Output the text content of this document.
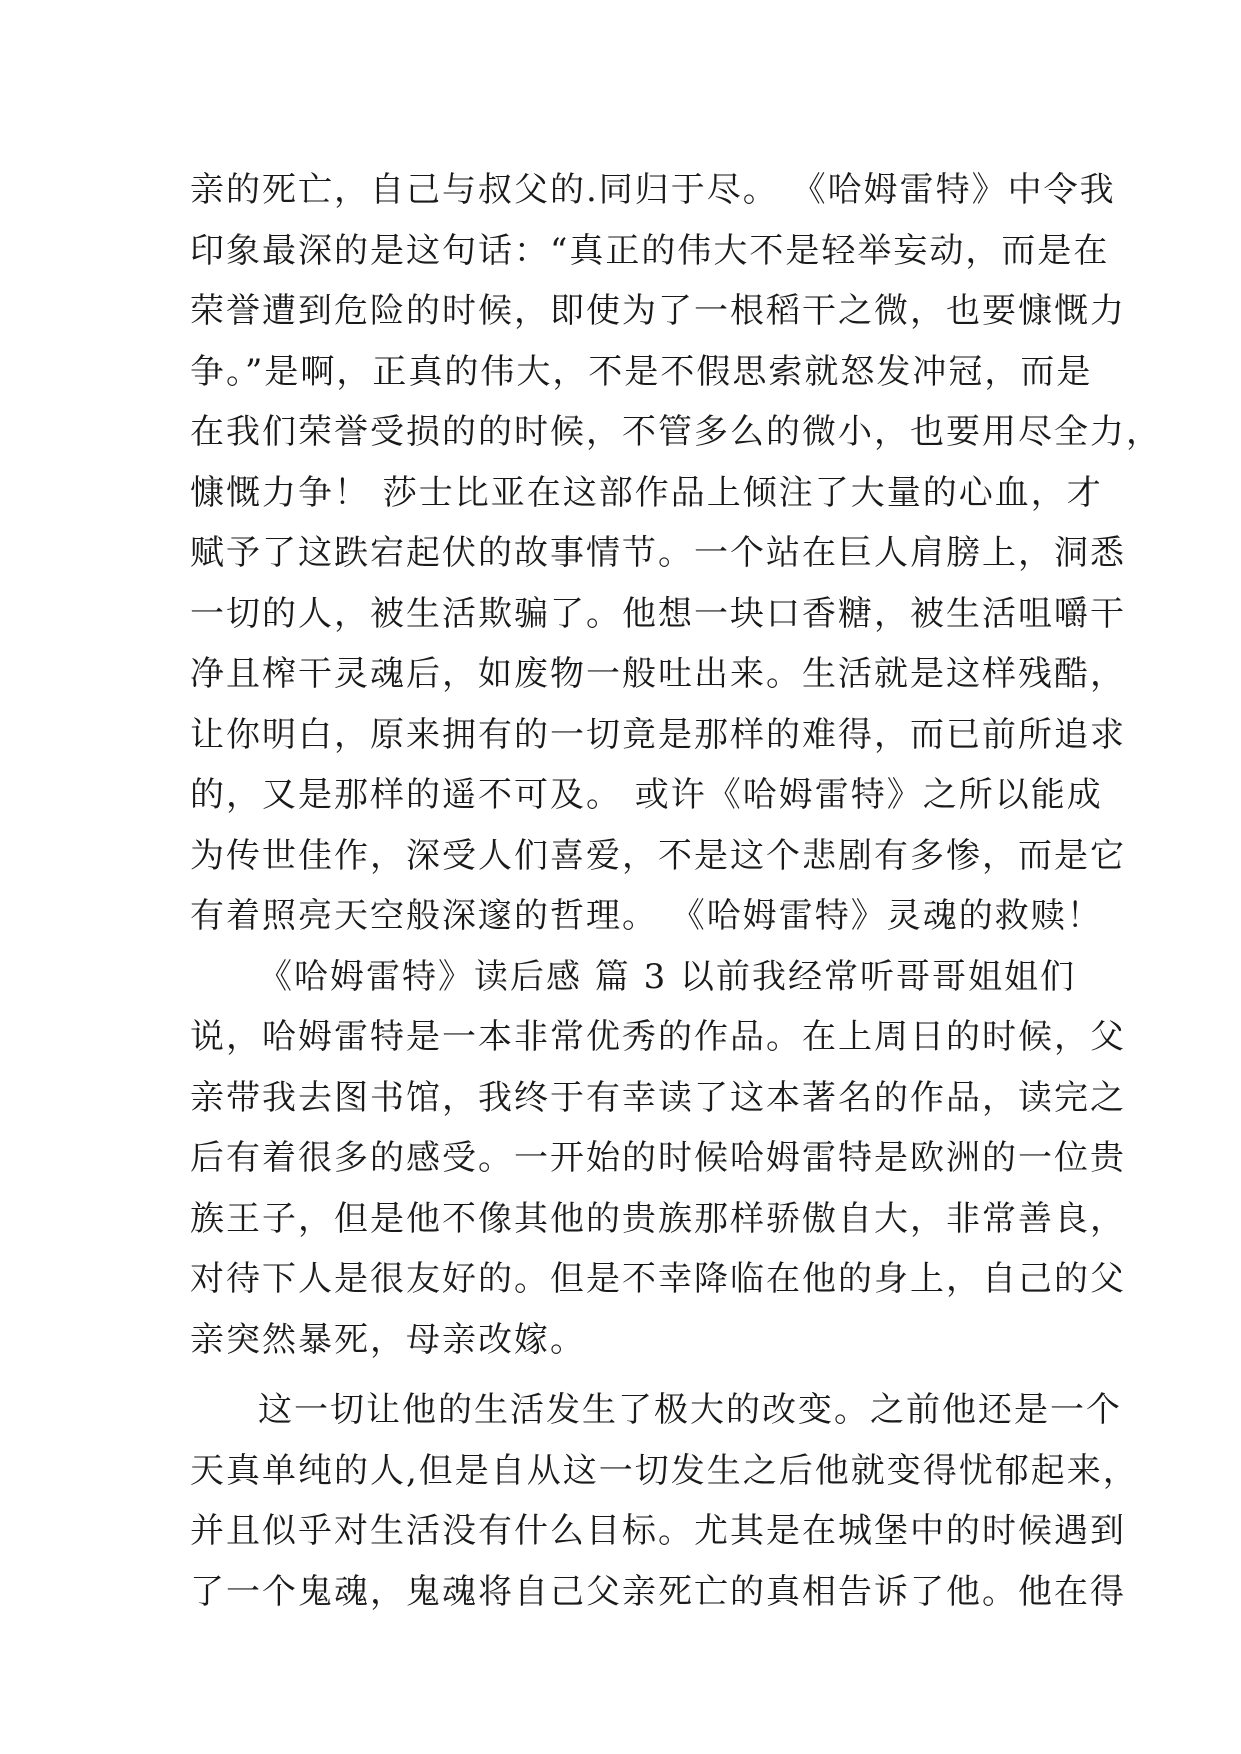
亲的死亡，自己与叔父的.同归于尽。 《哈姆雷特》中令我
印象最深的是这句话：“真正的伟大不是轻举妄动，而是在
荣誉遭到危险的时候，即使为了一根稻干之微，也要慷慨力
争。”是啊，正真的伟大，不是不假思索就怒发冲冠，而是
在我们荣誉受损的的时候，不管多么的微小，也要用尽全力，
慷慨力争！ 莎士比亚在这部作品上倾注了大量的心血，才
赋予了这跌宕起伏的故事情节。一个站在巨人肩膀上，洞悉
一切的人，被生活欺骗了。他想一块口香糖，被生活咀嚼干
净且榨干灵魂后，如废物一般吐出来。生活就是这样残酷，
让你明白，原来拥有的一切竟是那样的难得，而已前所追求
的，又是那样的遥不可及。 或许《哈姆雷特》之所以能成
为传世佳作，深受人们喜爱，不是这个悲剧有多惨，而是它
有着照亮天空般深邃的哲理。 《哈姆雷特》灵魂的救赎！
《哈姆雷特》读后感 篇 3 以前我经常听哥哥姐姐们
说，哈姆雷特是一本非常优秀的作品。在上周日的时候，父
亲带我去图书馆，我终于有幸读了这本著名的作品，读完之
后有着很多的感受。一开始的时候哈姆雷特是欧洲的一位贵
族王子，但是他不像其他的贵族那样骄傲自大，非常善良，
对待下人是很友好的。但是不幸降临在他的身上，自己的父
亲突然暴死，母亲改嫁。
这一切让他的生活发生了极大的改变。之前他还是一个
天真单纯的人,但是自从这一切发生之后他就变得忧郁起来，
并且似乎对生活没有什么目标。尤其是在城堡中的时候遇到
了一个鬼魂，鬼魂将自己父亲死亡的真相告诉了他。他在得
